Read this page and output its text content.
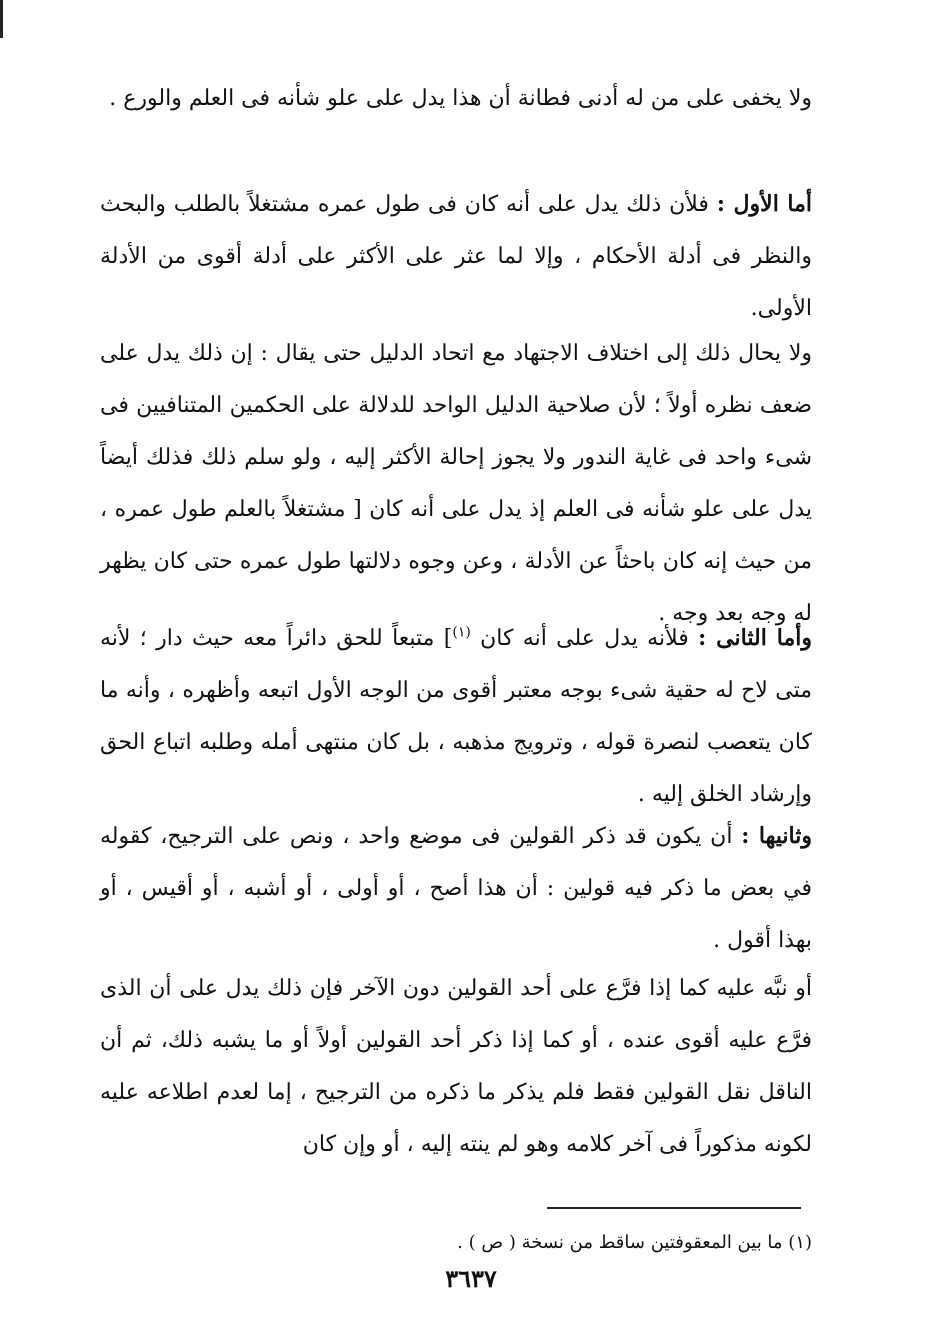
ولا يخفى على من له أدنى فطانة أن هذا يدل على علو شأنه فى العلم والورع .

أما الأول : فلأن ذلك يدل على أنه كان فى طول عمره مشتغلاً بالطلب والبحث والنظر فى أدلة الأحكام ، وإلا لما عثر على الأكثر على أدلة أقوى من الأدلة الأولى.

ولا يحال ذلك إلى اختلاف الاجتهاد مع اتحاد الدليل حتى يقال : إن ذلك يدل على ضعف نظره أولاً ؛ لأن صلاحية الدليل الواحد للدلالة على الحكمين المتنافيين فى شىء واحد فى غاية الندور ولا يجوز إحالة الأكثر إليه ، ولو سلم ذلك فذلك أيضاً يدل على علو شأنه فى العلم إذ يدل على أنه كان [ مشتغلاً بالعلم طول عمره ، من حيث إنه كان باحثاً عن الأدلة ، وعن وجوه دلالتها طول عمره حتى كان يظهر له وجه بعد وجه .

وأما الثانى : فلأنه يدل على أنه كان $^{(١)}$] متبعاً للحق دائراً معه حيث دار ؛ لأنه متى لاح له حقية شىء بوجه معتبر أقوى من الوجه الأول اتبعه وأظهره ، وأنه ما كان يتعصب لنصرة قوله ، وترويج مذهبه ، بل كان منتهى أمله وطلبه اتباع الحق وإرشاد الخلق إليه .

وثانيها : أن يكون قد ذكر القولين فى موضع واحد ، ونص على الترجيح، كقوله في بعض ما ذكر فيه قولين : أن هذا أصح ، أو أولى ، أو أشبه ، أو أقيس ، أو بهذا أقول .

أو نبَّه عليه كما إذا فرَّع على أحد القولين دون الآخر فإن ذلك يدل على أن الذى فرَّع عليه أقوى عنده ، أو كما إذا ذكر أحد القولين أولاً أو ما يشبه ذلك، ثم أن الناقل نقل القولين فقط فلم يذكر ما ذكره من الترجيح ، إما لعدم اطلاعه عليه لكونه مذكوراً فى آخر كلامه وهو لم ينته إليه ، أو وإن كان

(١) ما بين المعقوفتين ساقط من نسخة ( ص ) .
٣٦٣٧
